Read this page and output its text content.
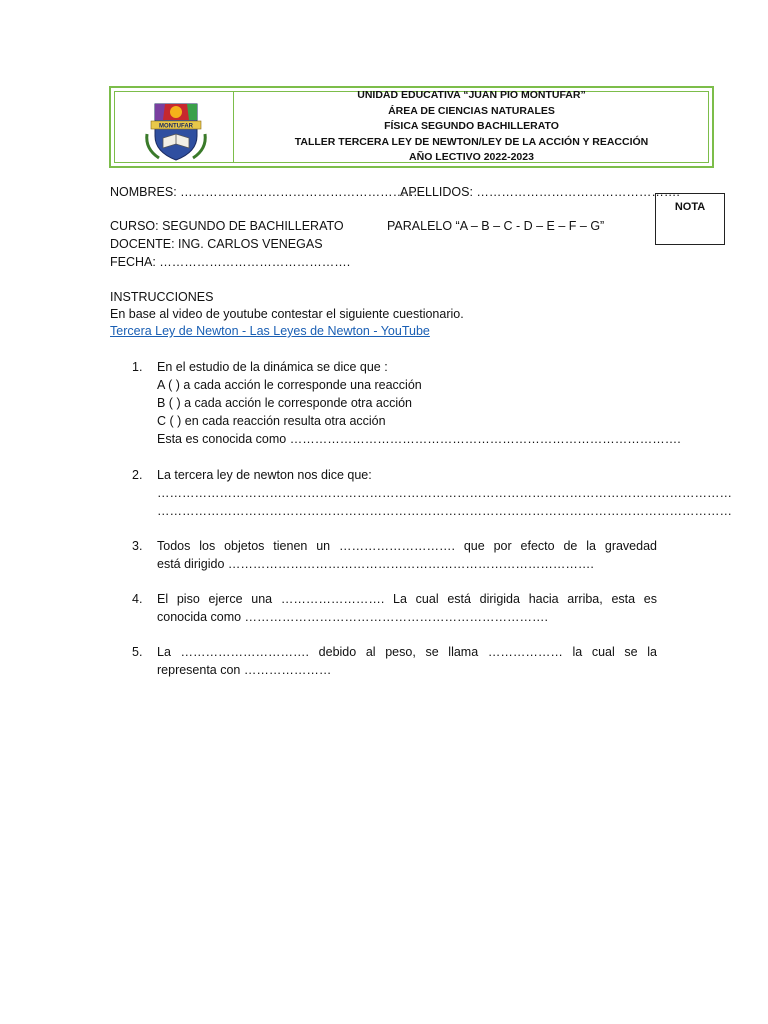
MONTUFAR
UNIDAD EDUCATIVA “JUAN PIO MONTUFAR”
ÁREA DE CIENCIAS NATURALES
FÍSICA SEGUNDO BACHILLERATO
TALLER TERCERA LEY DE NEWTON/LEY DE LA ACCIÓN Y REACCIÓN
AÑO LECTIVO 2022-2023
NOMBRES: ………………………………………………….
APELLIDOS: ………………………………………….
NOTA
CURSO: SEGUNDO DE BACHILLERATO	PARALELO “A – B – C - D – E – F – G”
DOCENTE: ING. CARLOS VENEGAS
FECHA: ……………………………………….
INSTRUCCIONES
En base al video de youtube contestar el siguiente cuestionario.
Tercera Ley de Newton - Las Leyes de Newton - YouTube
1.	En el estudio de la dinámica se dice que :
A ( ) a cada acción le corresponde una reacción
B ( ) a cada acción le corresponde otra acción
C ( ) en cada reacción resulta otra acción
Esta es conocida como ………………………………………………………………………………….
2.	La tercera ley de newton nos dice que:
…………………………………………………………………………………………………………………………
…………………………………………………………………………………………………………………………
3.	Todos los objetos tienen un ………………………. que por efecto de la gravedad
está dirigido …………………………………………………………………………….
4.	El piso ejerce una ……………………. La cual está dirigida hacia arriba, esta es
conocida como ……………………………………………………………….
5.	La …………………………. debido al peso, se llama ……………… la cual se la
representa con …………………
